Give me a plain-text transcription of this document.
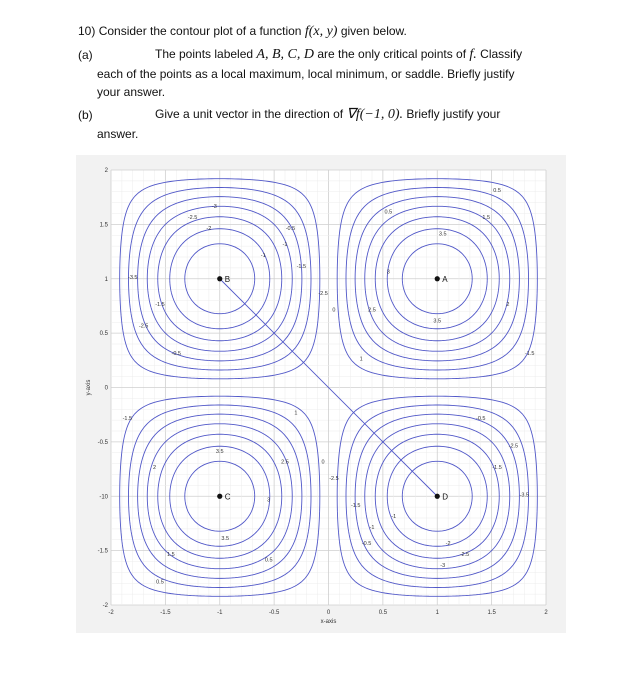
10) Consider the contour plot of a function f(x, y) given below.
(a)	The points labeled A, B, C, D are the only critical points of f. Classify
each of the points as a local maximum, local minimum, or saddle. Briefly justify
your answer.
(b)	Give a unit vector in the direction of ∇f(−1, 0). Briefly justify your
answer.
3.5
3.5
3
2.5
2
1.5
1
0.5
0
-0.5
-1
-1.5
-2.5
3.5
3.5
3
2.5
2
1.5
1
0.5
0
-0.5
-1
-1.5
-2.5
-3
-2.5
-2
-1
-3.5
-2.5
-1.5
-0.5
-3
-2.5
-2
-1
-3.5
-2.5
-1.5
-0.5
0.5
0.5
-1.5
-1.5
-2	-1.5	-1	-0.5	0	0.5	1	1.5	2
2
1.5
1
0.5
0
-0.5
-10
-1.5
-2
A
B
C	D
x-axis
y-axis
